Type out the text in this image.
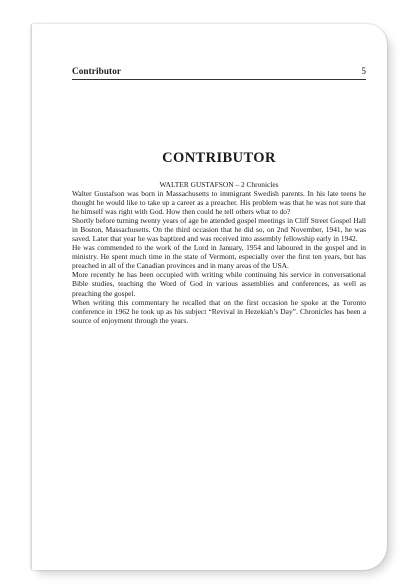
Contributor	5
CONTRIBUTOR
WALTER GUSTAFSON – 2 Chronicles

Walter Gustafson was born in Massachusetts to immigrant Swedish parents. In his late teens he thought he would like to take up a career as a preacher. His problem was that he was not sure that he himself was right with God. How then could he tell others what to do?

Shortly before turning twenty years of age he attended gospel meetings in Cliff Street Gospel Hall in Boston, Massachusetts. On the third occasion that he did so, on 2nd November, 1941, he was saved. Later that year he was baptized and was received into assembly fellowship early in 1942.

He was commended to the work of the Lord in January, 1954 and laboured in the gospel and in ministry. He spent much time in the state of Vermont, especially over the first ten years, but has preached in all of the Canadian provinces and in many areas of the USA.

More recently he has been occupied with writing while continuing his service in conversational Bible studies, teaching the Word of God in various assemblies and conferences, as well as preaching the gospel.

When writing this commentary he recalled that on the first occasion he spoke at the Toronto conference in 1962 he took up as his subject “Revival in Hezekiah’s Day”. Chronicles has been a source of enjoyment through the years.
